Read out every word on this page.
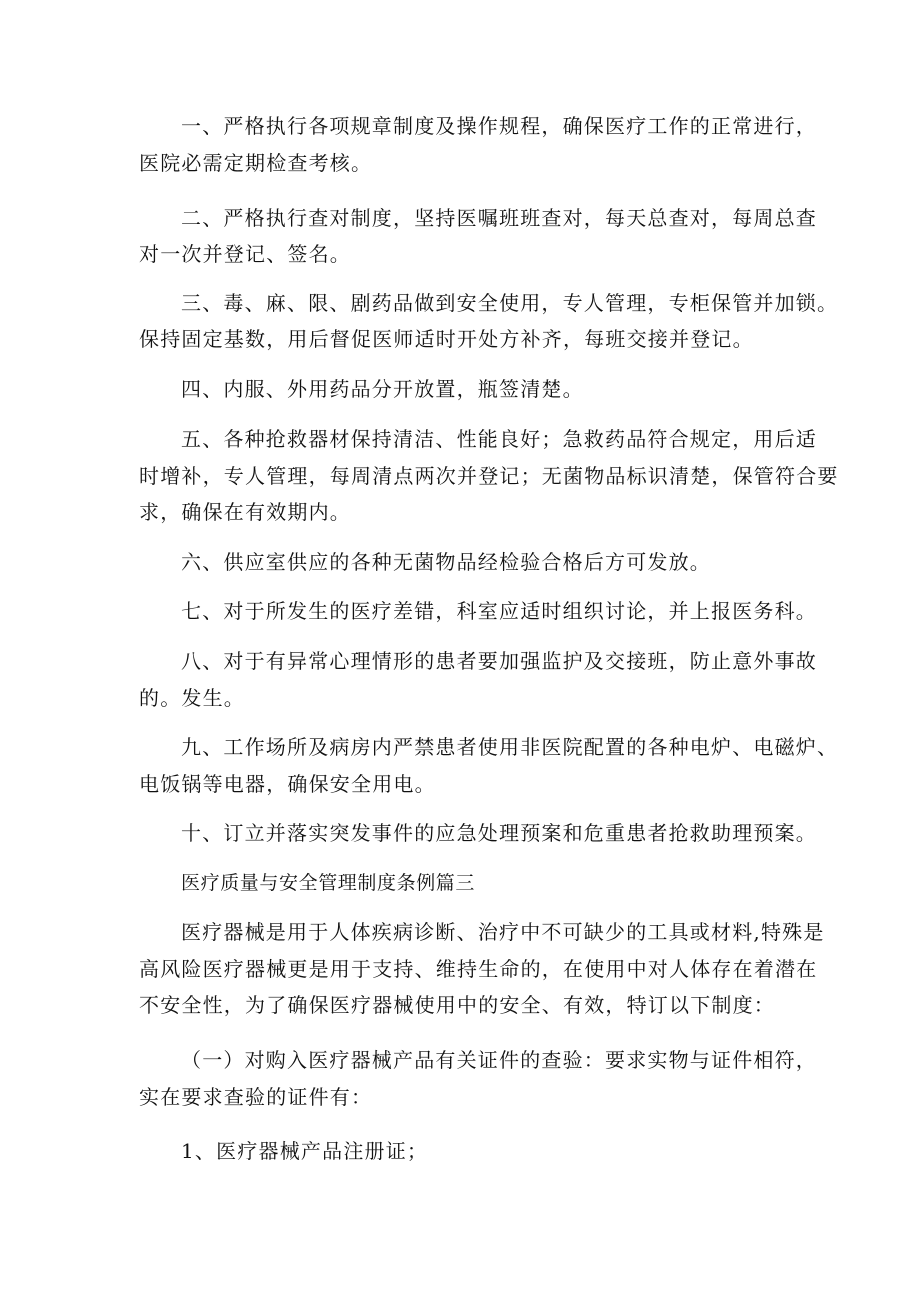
一、严格执行各项规章制度及操作规程，确保医疗工作的正常进行，
医院必需定期检查考核。
二、严格执行查对制度，坚持医嘱班班查对，每天总查对，每周总查
对一次并登记、签名。
三、毒、麻、限、剧药品做到安全使用，专人管理，专柜保管并加锁。
保持固定基数，用后督促医师适时开处方补齐，每班交接并登记。
四、内服、外用药品分开放置，瓶签清楚。
五、各种抢救器材保持清洁、性能良好；急救药品符合规定，用后适
时增补，专人管理，每周清点两次并登记；无菌物品标识清楚，保管符合要
求，确保在有效期内。
六、供应室供应的各种无菌物品经检验合格后方可发放。
七、对于所发生的医疗差错，科室应适时组织讨论，并上报医务科。
八、对于有异常心理情形的患者要加强监护及交接班，防止意外事故
的。发生。
九、工作场所及病房内严禁患者使用非医院配置的各种电炉、电磁炉、
电饭锅等电器，确保安全用电。
十、订立并落实突发事件的应急处理预案和危重患者抢救助理预案。
医疗质量与安全管理制度条例篇三
医疗器械是用于人体疾病诊断、治疗中不可缺少的工具或材料,特殊是
高风险医疗器械更是用于支持、维持生命的，在使用中对人体存在着潜在
不安全性，为了确保医疗器械使用中的安全、有效，特订以下制度：
（一）对购入医疗器械产品有关证件的查验：要求实物与证件相符，
实在要求查验的证件有：
1、医疗器械产品注册证；
